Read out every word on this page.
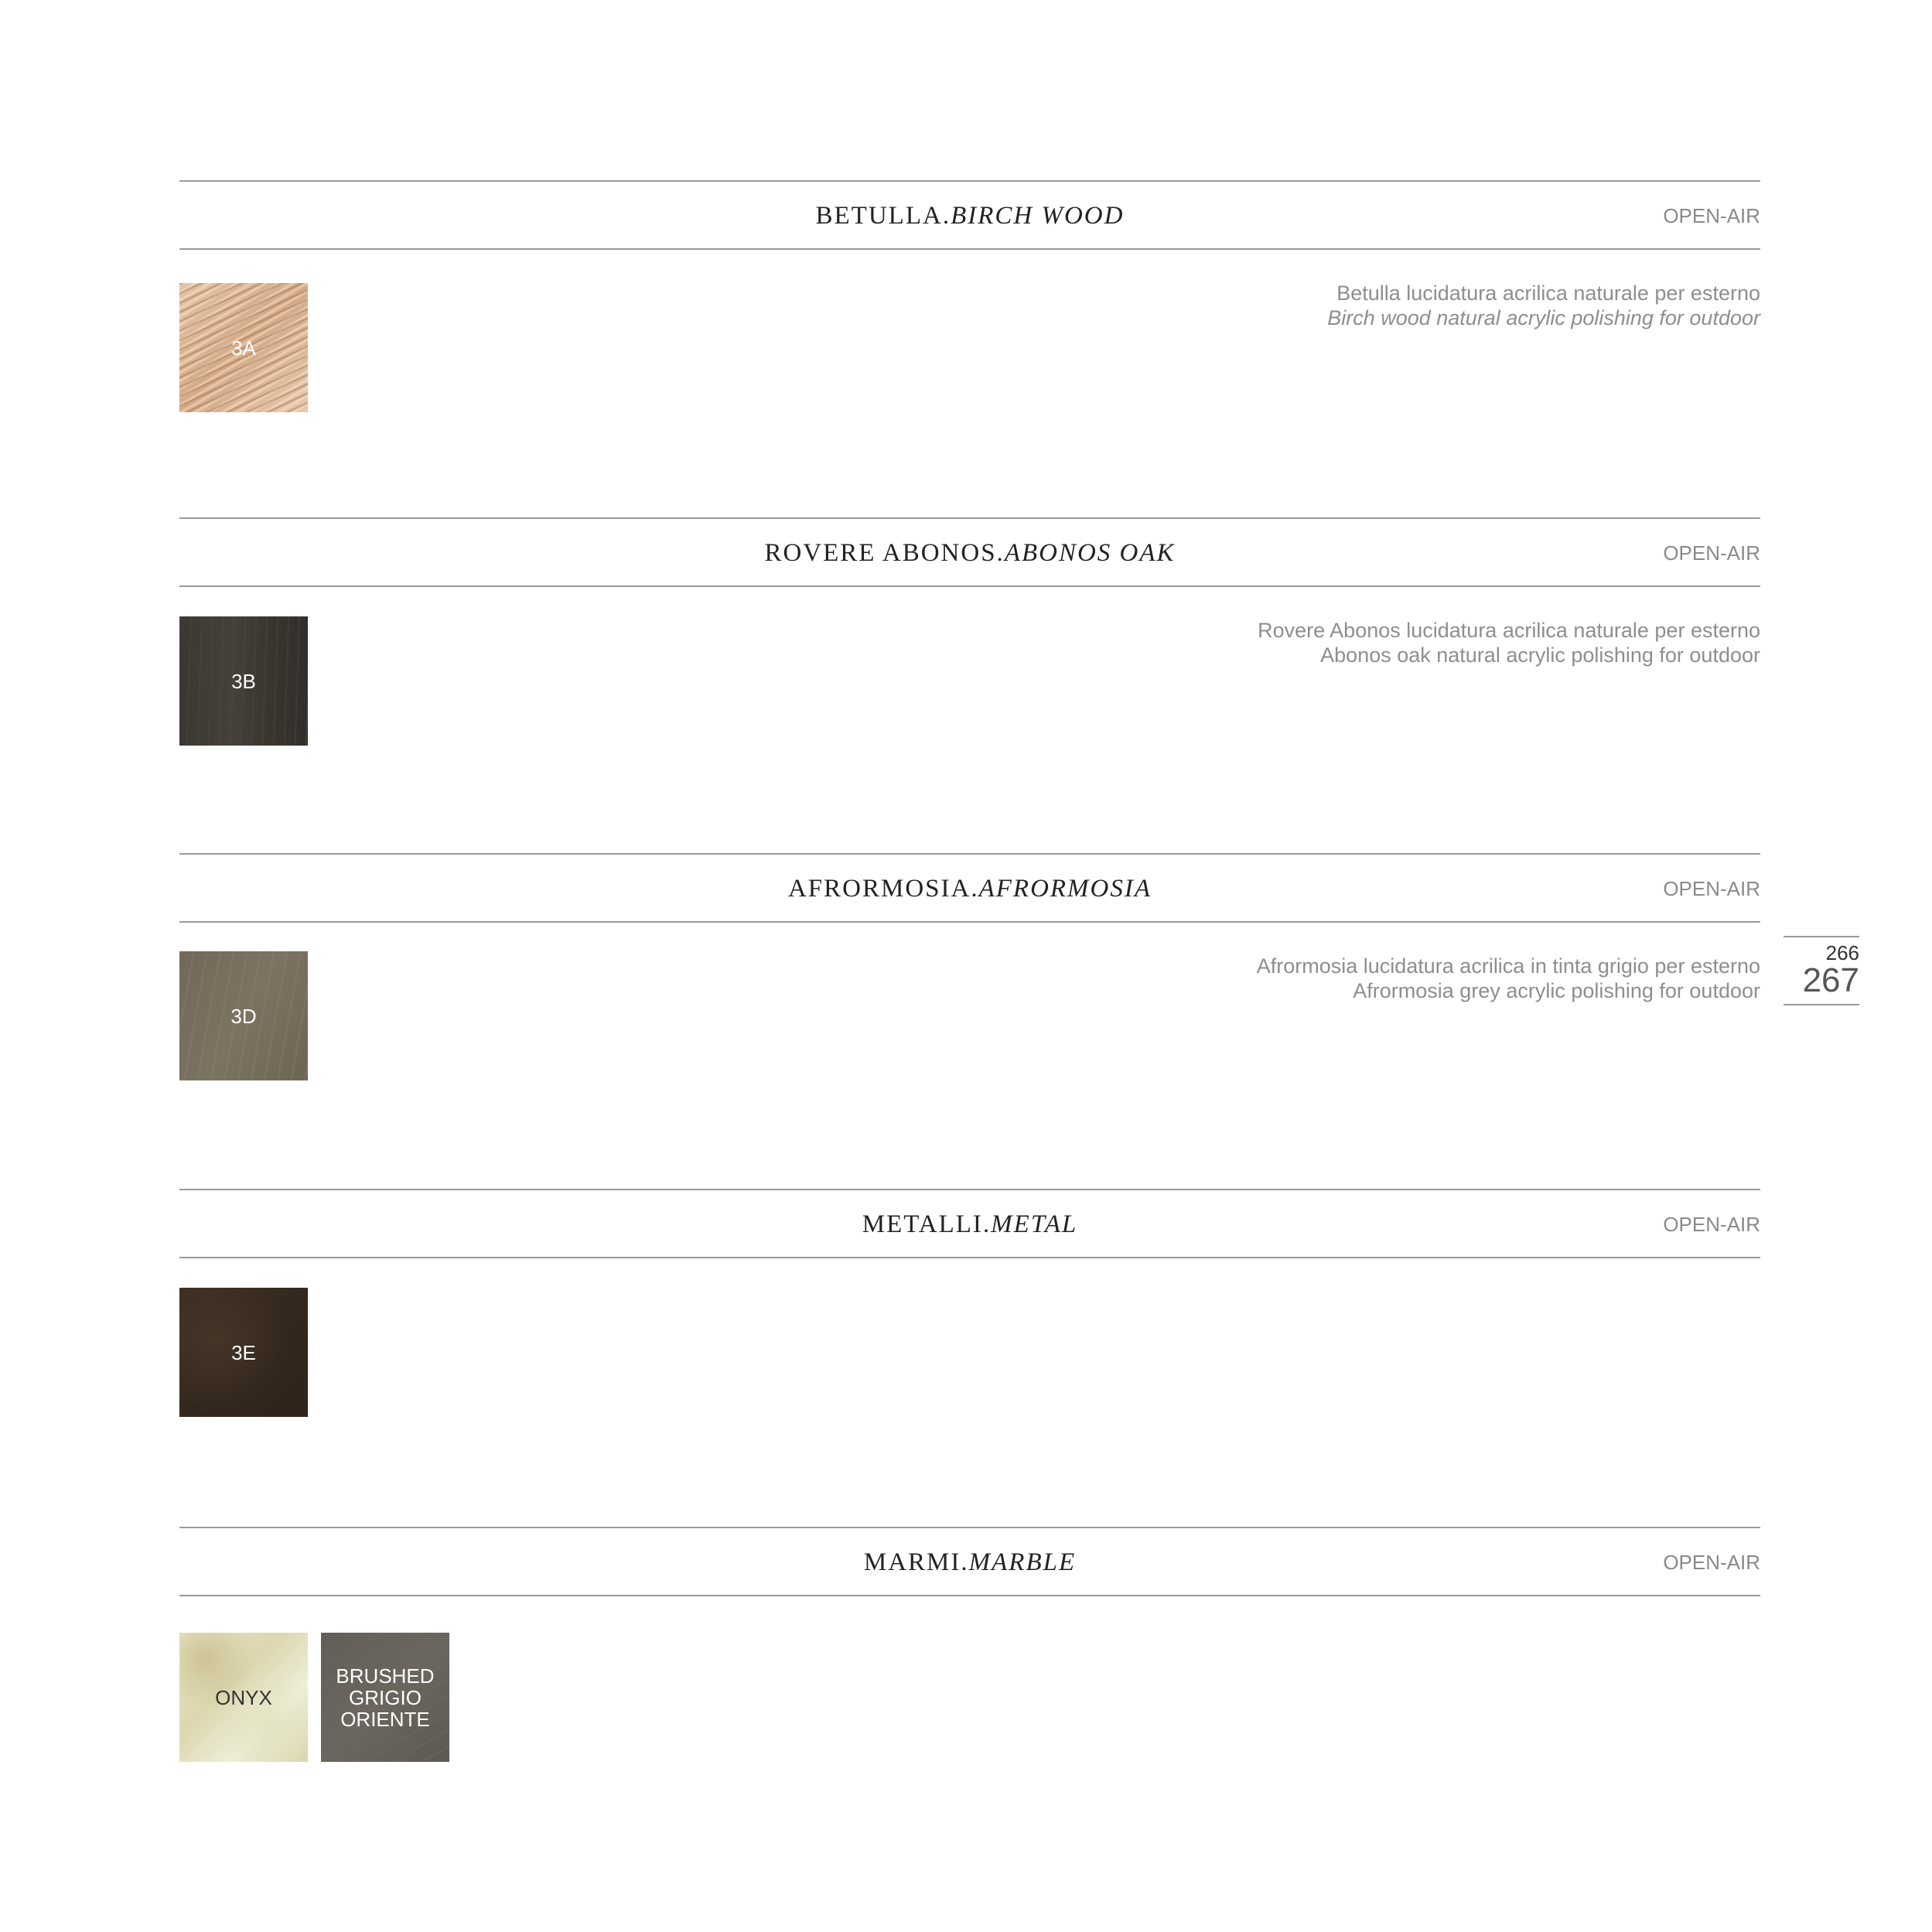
BETULLA.BIRCH WOOD	OPEN-AIR
Betulla lucidatura acrilica naturale per esterno
Birch wood natural acrylic polishing for outdoor
3A
ROVERE ABONOS.ABONOS OAK	OPEN-AIR
Rovere Abonos lucidatura acrilica naturale per esterno
Abonos oak natural acrylic polishing for outdoor
3B
AFRORMOSIA.AFRORMOSIA	OPEN-AIR
Afrormosia lucidatura acrilica in tinta grigio per esterno
Afrormosia grey acrylic polishing for outdoor
3D
METALLI.METAL	OPEN-AIR
3E
MARMI.MARBLE	OPEN-AIR
ONYX
BRUSHED
GRIGIO
ORIENTE
266
267
